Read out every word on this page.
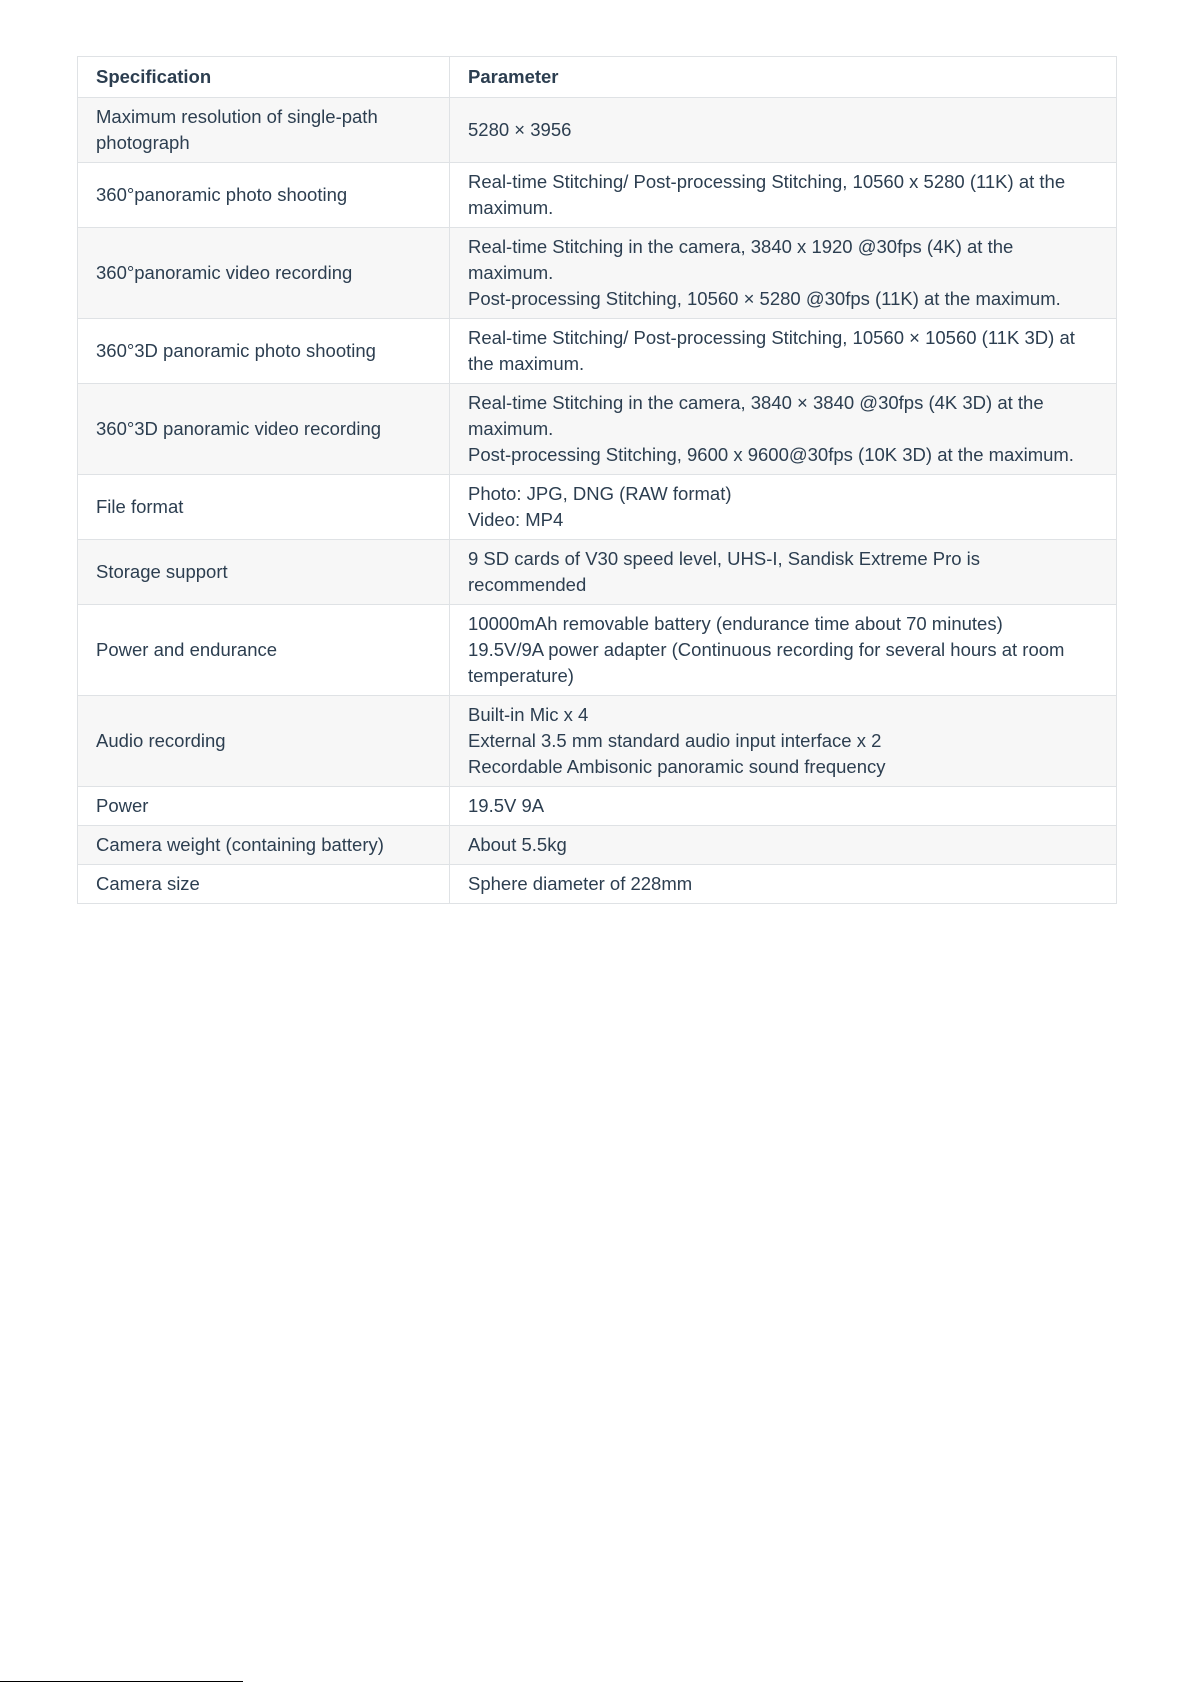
Specification	Parameter
Maximum resolution of single-path photograph	5280 × 3956

360°panoramic photo shooting	Real-time Stitching/ Post-processing Stitching, 10560 x 5280 (11K) at the maximum.

360°panoramic video recording	Real-time Stitching in the camera, 3840 x 1920 @30fps (4K) at the maximum.
Post-processing Stitching, 10560 × 5280 @30fps (11K) at the maximum.

360°3D panoramic photo shooting	Real-time Stitching/ Post-processing Stitching, 10560 × 10560 (11K 3D) at the maximum.

360°3D panoramic video recording	Real-time Stitching in the camera, 3840 × 3840 @30fps (4K 3D) at the maximum.
Post-processing Stitching, 9600 x 9600@30fps (10K 3D) at the maximum.

File format	Photo: JPG, DNG (RAW format)
Video: MP4

Storage support	9 SD cards of V30 speed level, UHS-I, Sandisk Extreme Pro is recommended

Power and endurance	10000mAh removable battery (endurance time about 70 minutes)
19.5V/9A power adapter (Continuous recording for several hours at room temperature)

Audio recording	Built-in Mic x 4
External 3.5 mm standard audio input interface x 2
Recordable Ambisonic panoramic sound frequency

Power	19.5V 9A

Camera weight (containing battery)	About 5.5kg

Camera size	Sphere diameter of 228mm
